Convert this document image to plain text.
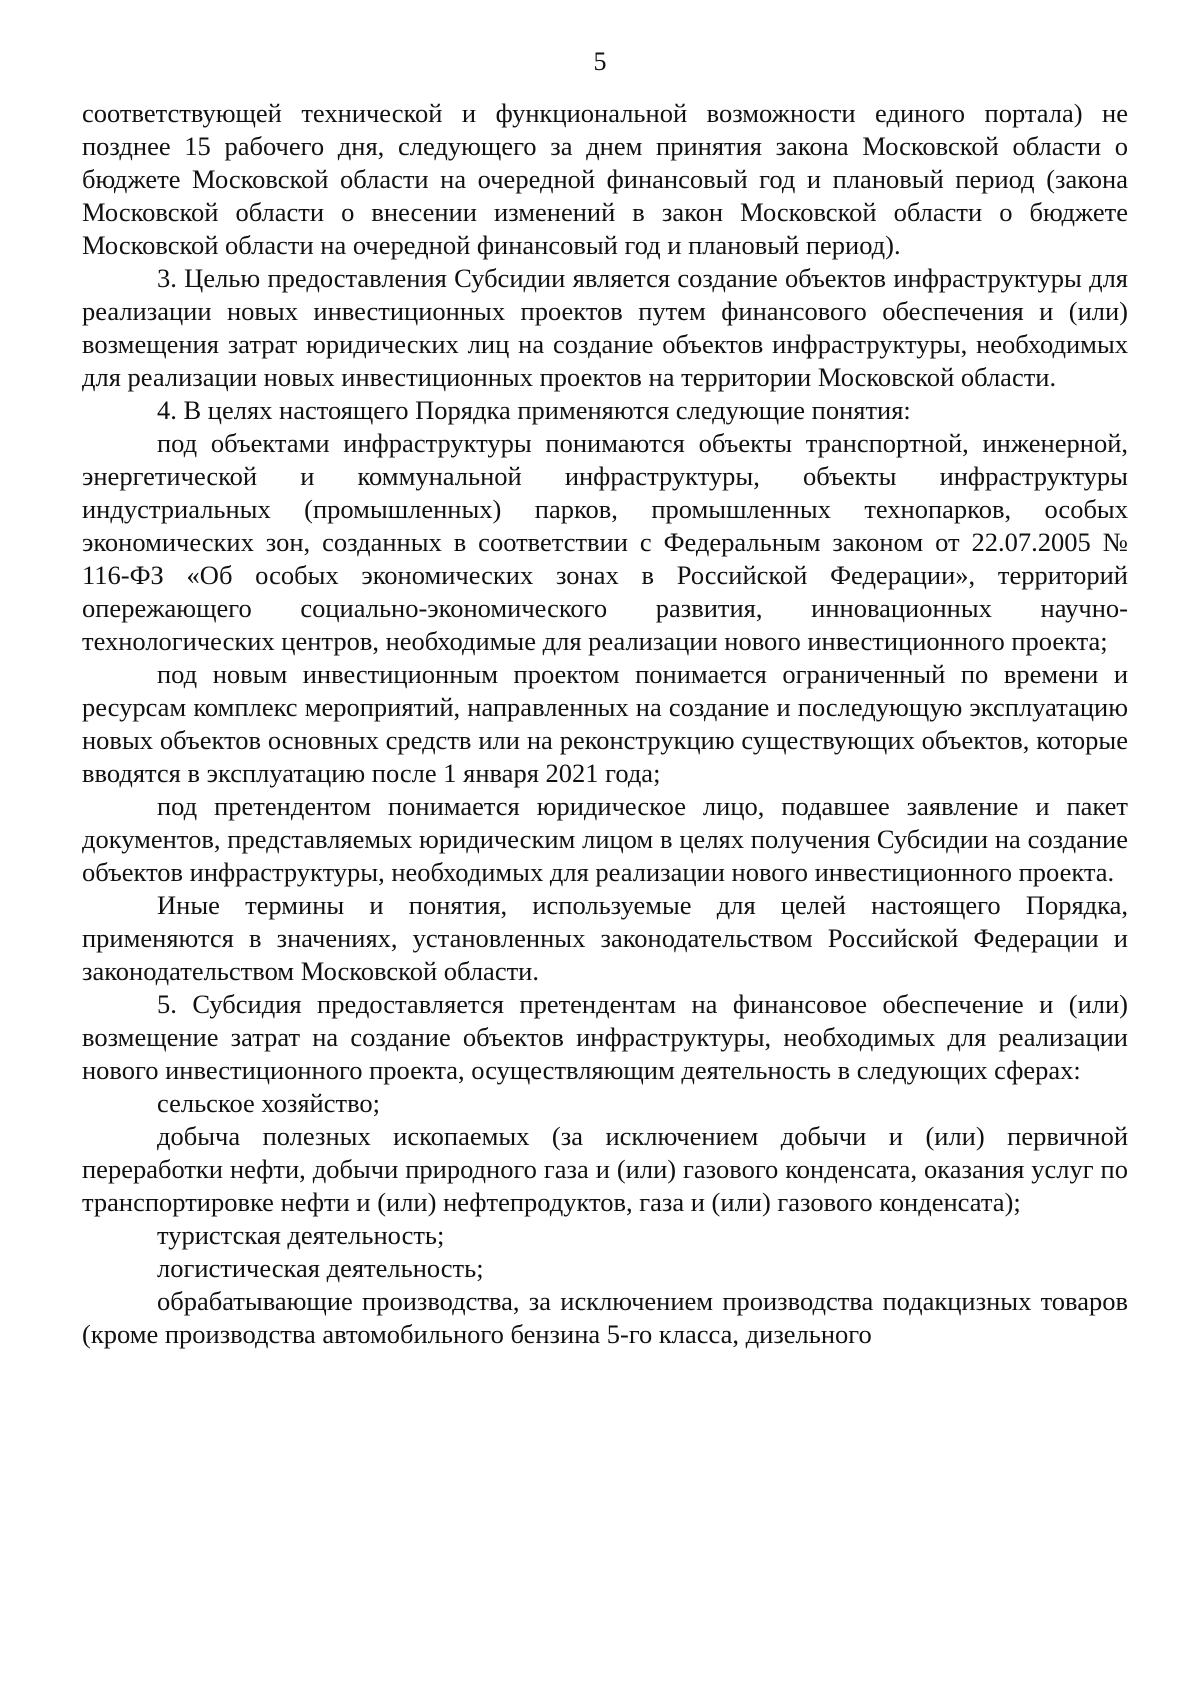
5

соответствующей технической и функциональной возможности единого портала) не позднее 15 рабочего дня, следующего за днем принятия закона Московской области о бюджете Московской области на очередной финансовый год и плановый период (закона Московской области о внесении изменений в закон Московской области о бюджете Московской области на очередной финансовый год и плановый период).

3. Целью предоставления Субсидии является создание объектов инфраструктуры для реализации новых инвестиционных проектов путем финансового обеспечения и (или) возмещения затрат юридических лиц на создание объектов инфраструктуры, необходимых для реализации новых инвестиционных проектов на территории Московской области.

4. В целях настоящего Порядка применяются следующие понятия:

под объектами инфраструктуры понимаются объекты транспортной, инженерной, энергетической и коммунальной инфраструктуры, объекты инфраструктуры индустриальных (промышленных) парков, промышленных технопарков, особых экономических зон, созданных в соответствии с Федеральным законом от 22.07.2005 № 116-ФЗ «Об особых экономических зонах в Российской Федерации», территорий опережающего социально-экономического развития, инновационных научно-технологических центров, необходимые для реализации нового инвестиционного проекта;

под новым инвестиционным проектом понимается ограниченный по времени и ресурсам комплекс мероприятий, направленных на создание и последующую эксплуатацию новых объектов основных средств или на реконструкцию существующих объектов, которые вводятся в эксплуатацию после 1 января 2021 года;

под претендентом понимается юридическое лицо, подавшее заявление и пакет документов, представляемых юридическим лицом в целях получения Субсидии на создание объектов инфраструктуры, необходимых для реализации нового инвестиционного проекта.

Иные термины и понятия, используемые для целей настоящего Порядка, применяются в значениях, установленных законодательством Российской Федерации и законодательством Московской области.

5. Субсидия предоставляется претендентам на финансовое обеспечение и (или) возмещение затрат на создание объектов инфраструктуры, необходимых для реализации нового инвестиционного проекта, осуществляющим деятельность в следующих сферах:

сельское хозяйство;

добыча полезных ископаемых (за исключением добычи и (или) первичной переработки нефти, добычи природного газа и (или) газового конденсата, оказания услуг по транспортировке нефти и (или) нефтепродуктов, газа и (или) газового конденсата);

туристская деятельность;

логистическая деятельность;

обрабатывающие производства, за исключением производства подакцизных товаров (кроме производства автомобильного бензина 5-го класса, дизельного
